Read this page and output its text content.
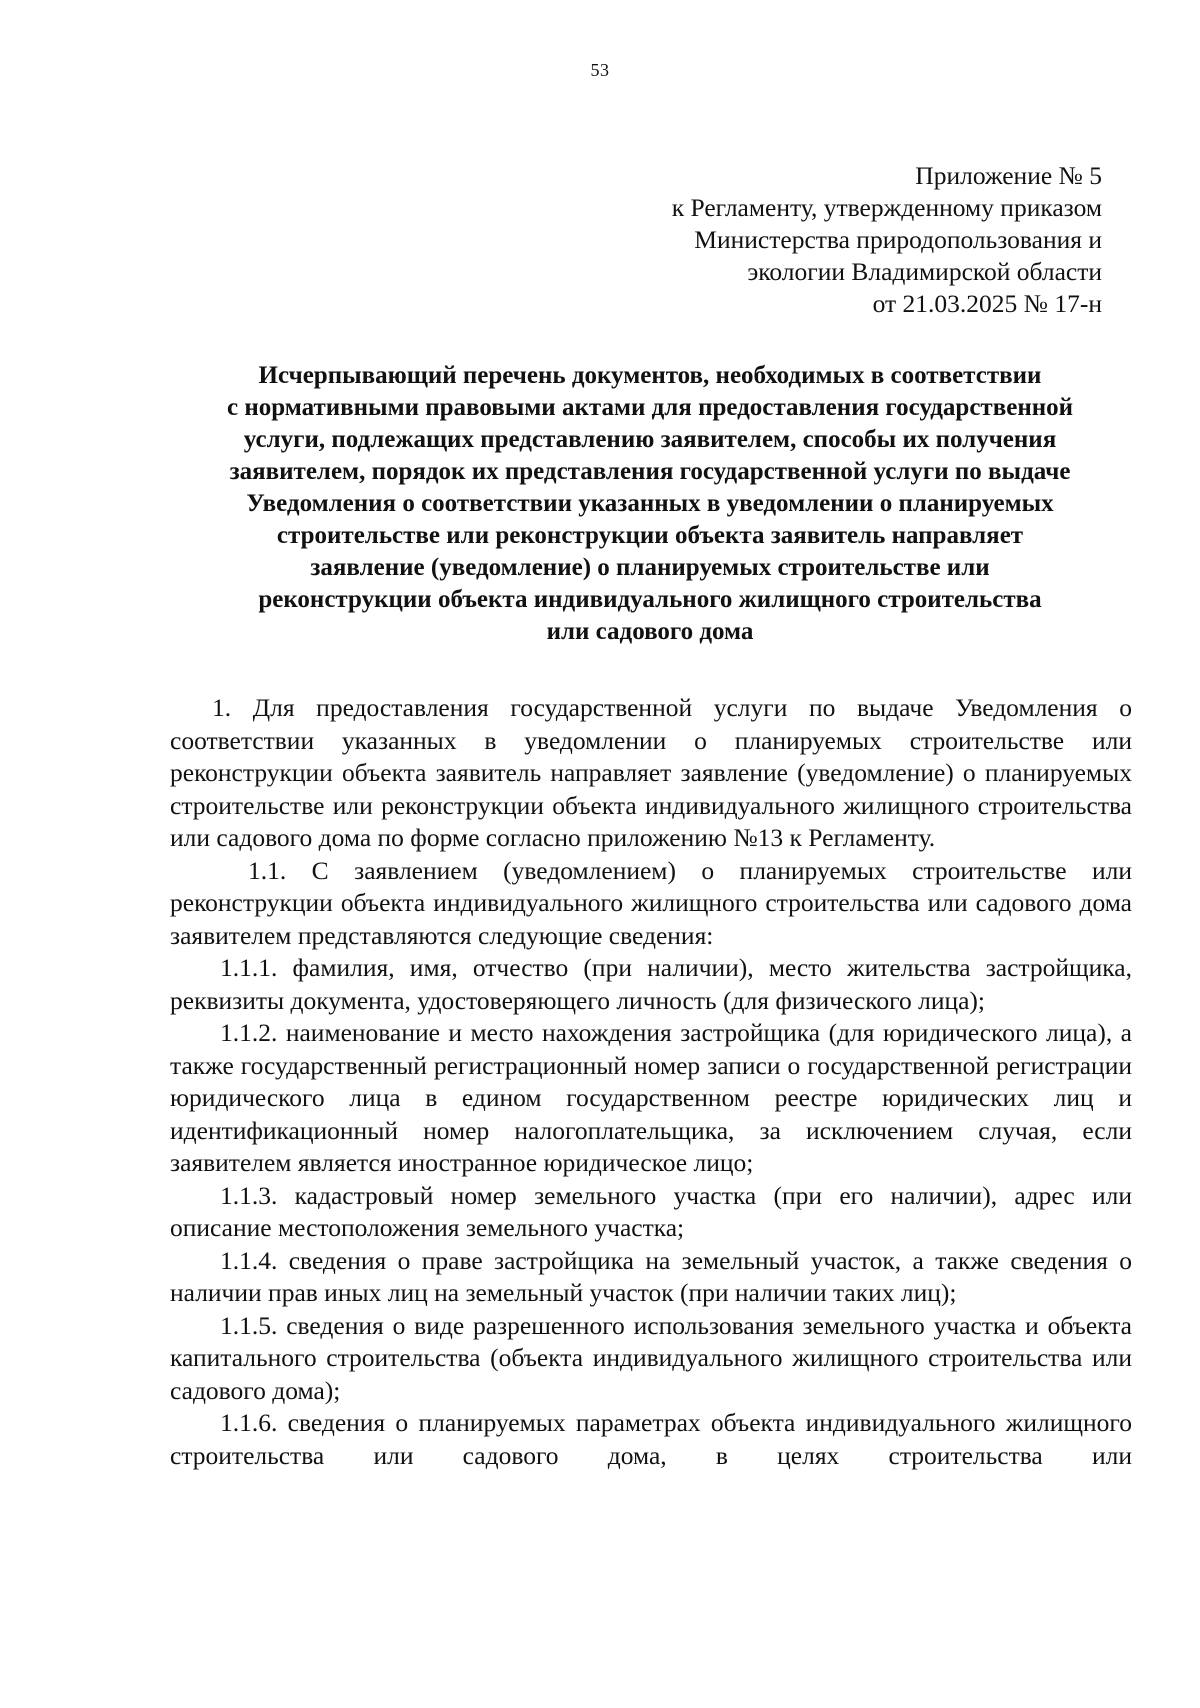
53
Приложение № 5
к Регламенту, утвержденному приказом
Министерства природопользования и
экологии Владимирской области
от 21.03.2025 № 17-н
Исчерпывающий перечень документов, необходимых в соответствии
с нормативными правовыми актами для предоставления государственной
услуги, подлежащих представлению заявителем, способы их получения
заявителем, порядок их представления государственной услуги по выдаче
Уведомления о соответствии указанных в уведомлении о планируемых
строительстве или реконструкции объекта заявитель направляет
заявление (уведомление) о планируемых строительстве или
реконструкции объекта индивидуального жилищного строительства
или садового дома

1. Для предоставления государственной услуги по выдаче Уведомления о соответствии указанных в уведомлении о планируемых строительстве или реконструкции объекта заявитель направляет заявление (уведомление) о планируемых строительстве или реконструкции объекта индивидуального жилищного строительства или садового дома по форме согласно приложению №13 к Регламенту.

1.1. С заявлением (уведомлением) о планируемых строительстве или реконструкции объекта индивидуального жилищного строительства или садового дома заявителем представляются следующие сведения:

1.1.1. фамилия, имя, отчество (при наличии), место жительства застройщика, реквизиты документа, удостоверяющего личность (для физического лица);

1.1.2. наименование и место нахождения застройщика (для юридического лица), а также государственный регистрационный номер записи о государственной регистрации юридического лица в едином государственном реестре юридических лиц и идентификационный номер налогоплательщика, за исключением случая, если заявителем является иностранное юридическое лицо;

1.1.3. кадастровый номер земельного участка (при его наличии), адрес или описание местоположения земельного участка;

1.1.4. сведения о праве застройщика на земельный участок, а также сведения о наличии прав иных лиц на земельный участок (при наличии таких лиц);

1.1.5. сведения о виде разрешенного использования земельного участка и объекта капитального строительства (объекта индивидуального жилищного строительства или садового дома);

1.1.6. сведения о планируемых параметрах объекта индивидуального жилищного строительства или садового дома, в целях строительства или
